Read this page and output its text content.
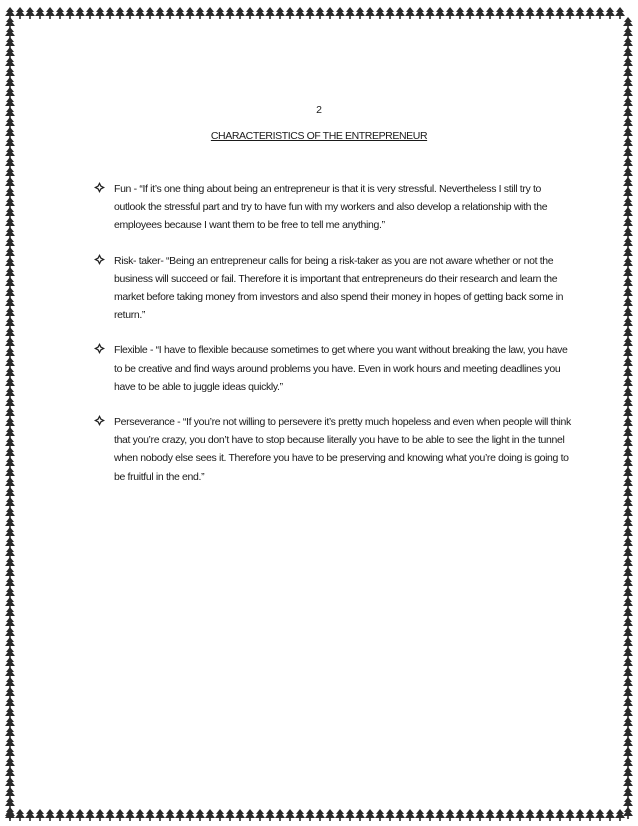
2
CHARACTERISTICS OF THE ENTREPRENEUR
Fun - “If it’s one thing about being an entrepreneur is that it is very stressful. Nevertheless I still try to outlook the stressful part and try to have fun with my workers and also develop a relationship with the employees because I want them to be free to tell me anything.”
Risk- taker- “Being an entrepreneur calls for being a risk-taker as you are not aware whether or not the business will succeed or fail. Therefore it is important that entrepreneurs do their research and learn the market before taking money from investors and also spend their money in hopes of getting back some in return.”
Flexible - “I have to flexible because sometimes to get where you want without breaking the law, you have to be creative and find ways around problems you have. Even in work hours and meeting deadlines you have to be able to juggle ideas quickly.”
Perseverance - “If you’re not willing to persevere it’s pretty much hopeless and even when people will think that you’re crazy, you don’t have to stop because literally you have to be able to see the light in the tunnel when nobody else sees it. Therefore you have to be preserving and knowing what you’re doing is going to be fruitful in the end.”
